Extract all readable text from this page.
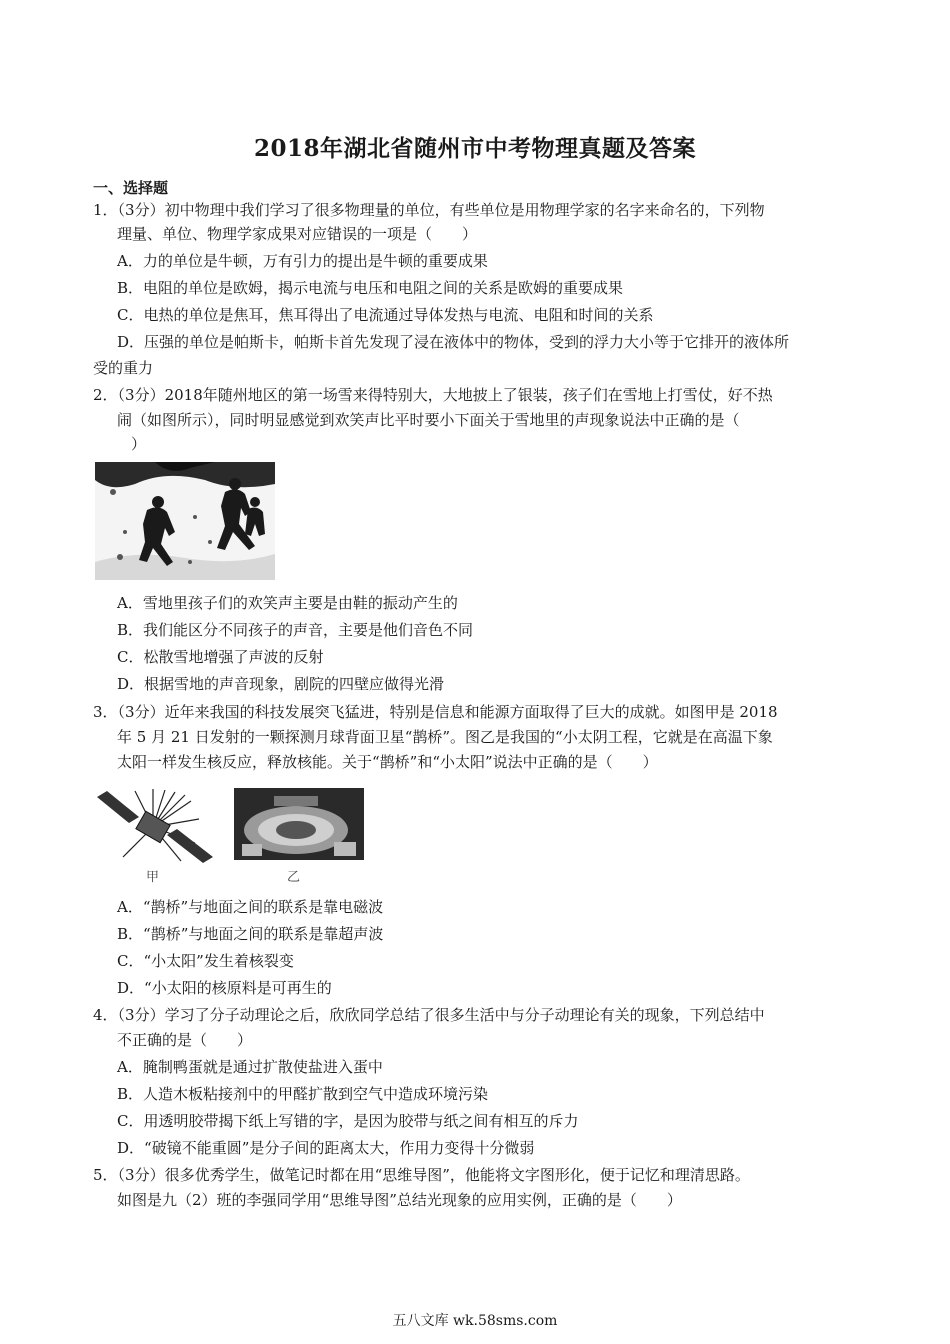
2018年湖北省随州市中考物理真题及答案
一、选择题
1．（3分）初中物理中我们学习了很多物理量的单位，有些单位是用物理学家的名字来命名的，下列物
理量、单位、物理学家成果对应错误的一项是（　　）
A．力的单位是牛顿，万有引力的提出是牛顿的重要成果
B．电阻的单位是欧姆，揭示电流与电压和电阻之间的关系是欧姆的重要成果
C．电热的单位是焦耳，焦耳得出了电流通过导体发热与电流、电阻和时间的关系
D．压强的单位是帕斯卡，帕斯卡首先发现了浸在液体中的物体，受到的浮力大小等于它排开的液体所
受的重力
2．（3分）2018年随州地区的第一场雪来得特别大，大地披上了银装，孩子们在雪地上打雪仗，好不热
闹（如图所示），同时明显感觉到欢笑声比平时要小下面关于雪地里的声现象说法中正确的是（
）
A．雪地里孩子们的欢笑声主要是由鞋的振动产生的
B．我们能区分不同孩子的声音，主要是他们音色不同
C．松散雪地增强了声波的反射
D．根据雪地的声音现象，剧院的四壁应做得光滑
3．（3分）近年来我国的科技发展突飞猛进，特别是信息和能源方面取得了巨大的成就。如图甲是 2018
年 5 月 21 日发射的一颗探测月球背面卫星“鹊桥”。图乙是我国的“小太阴工程，它就是在高温下象
太阳一样发生核反应，释放核能。关于“鹊桥”和“小太阳”说法中正确的是（　　）
甲	乙
A．“鹊桥”与地面之间的联系是靠电磁波
B．“鹊桥”与地面之间的联系是靠超声波
C．“小太阳”发生着核裂变
D．“小太阳的核原料是可再生的
4．（3分）学习了分子动理论之后，欣欣同学总结了很多生活中与分子动理论有关的现象，下列总结中
不正确的是（　　）
A．腌制鸭蛋就是通过扩散使盐进入蛋中
B．人造木板粘接剂中的甲醛扩散到空气中造成环境污染
C．用透明胶带揭下纸上写错的字，是因为胶带与纸之间有相互的斥力
D．“破镜不能重圆”是分子间的距离太大，作用力变得十分微弱
5．（3分）很多优秀学生，做笔记时都在用“思维导图”，他能将文字图形化，便于记忆和理清思路。
如图是九（2）班的李强同学用“思维导图”总结光现象的应用实例，正确的是（　　）
五八文库 wk.58sms.com
